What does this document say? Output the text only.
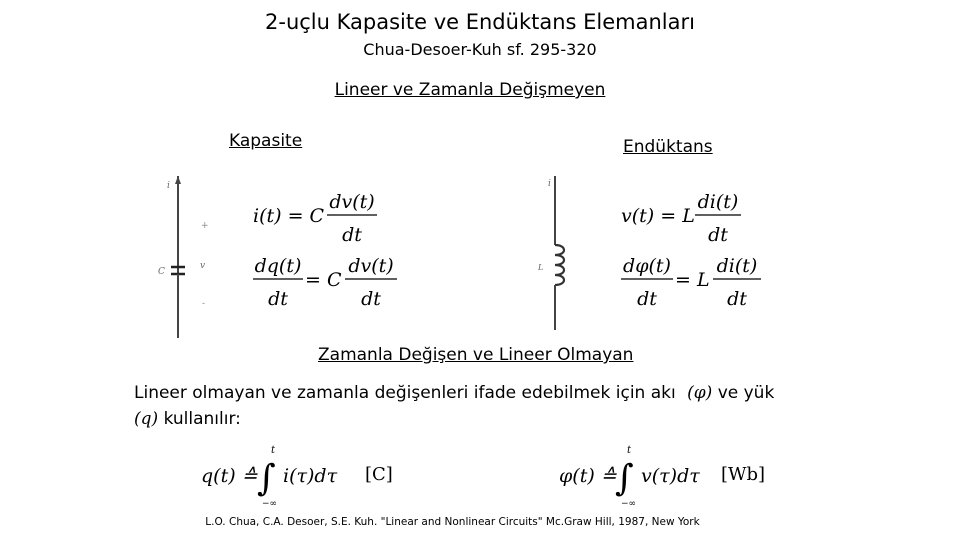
2-uçlu Kapasite ve Endüktans Elemanları
Chua-Desoer-Kuh sf. 295-320
Lineer ve Zamanla Değişmeyen
Kapasite	Endüktans
i
C
v
+
-
i(t) = C
dv(t)
dt
dq(t)
dt
= C
dv(t)
dt
i
L
v(t) = L
di(t)
dt
dφ(t)
dt
= L
di(t)
dt
Zamanla Değişen ve Lineer Olmayan
Lineer olmayan ve zamanla değişenleri ifade edebilmek için akı (φ) ve yük
(q) kullanılır:
q(t) ≙ ∫
t
−∞
i(τ)dτ [C]	φ(t) ≙
∫
t
−∞
v(τ)dτ [Wb]
L.O. Chua, C.A. Desoer, S.E. Kuh. "Linear and Nonlinear Circuits" Mc.Graw Hill, 1987, New York
